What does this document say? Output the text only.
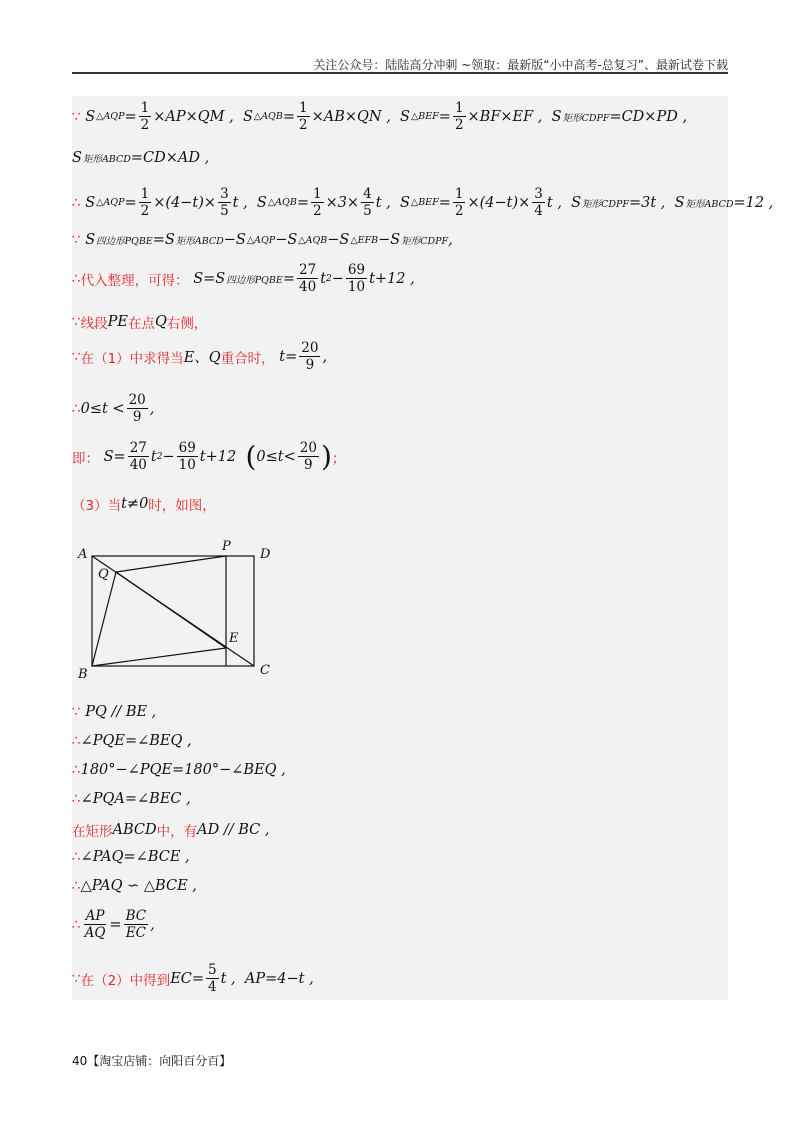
关注公众号：陆陆高分冲刺 ~领取：最新版“小中高考-总复习”、最新试卷下载
∵ S △AQP = $\frac{1}{2} \times AP\times QM$ ,  S △AQB = $\frac{1}{2} \times AB\times QN$ ,  S △BEF = $\frac{1}{2} \times BF\times EF$ ,  S 矩形CDPF =CD×PD ,
S 矩形ABCD =CD×AD ,
∴ S △AQP = $\frac{1}{2} \times(4-t)\times \frac{3}{5}$ t ,  S △AQB = $\frac{1}{2} \times 3\times \frac{4}{5}$ t ,  S △BEF = $\frac{1}{2} \times(4-t)\times \frac{3}{4}$ t ,  S 矩形CDPF =3t ,  S 矩形ABCD =12 ,
∵ S 四边形PQBE =S 矩形ABCD −S △AQP −S △AQB −S △EFB −S 矩形CDPF ,
∴ 代入整理，可得： S=S 四边形PQBE = $\frac{27}{40}$ t $2 - \frac{69}{10} t+12$ ,
∵ 线段 PE 在点 Q 右侧，
∵ 在（1）中求得当 E、Q 重合时， $t= \frac{20}{9}$ ,
∴ $0\le t < \frac{20}{9}$ ,
即： $S= \frac{27}{40}$ t $2 - \frac{69}{10} t+12$ ( $0\le t< \frac{20}{9}$ ) ；
（3）当 t≠0 时，如图，
A
P
D
Q
E
B	C
∵ PQ // BE ,
∴ ∠PQE=∠BEQ ,
∴ 180°−∠PQE=180°−∠BEQ ,
∴ ∠PQA=∠BEC ,
在矩形 ABCD 中，有 AD // BC ,
∴ ∠PAQ=∠BCE ,
∴ △PAQ ∽ △BCE ,
∴ $\frac{AP}{AQ} = \frac{BC}{EC}$ ,
∵ 在（2）中得到 $EC= \frac{5}{4}$ t ,  AP=4−t ,
40【淘宝店铺：向阳百分百】
